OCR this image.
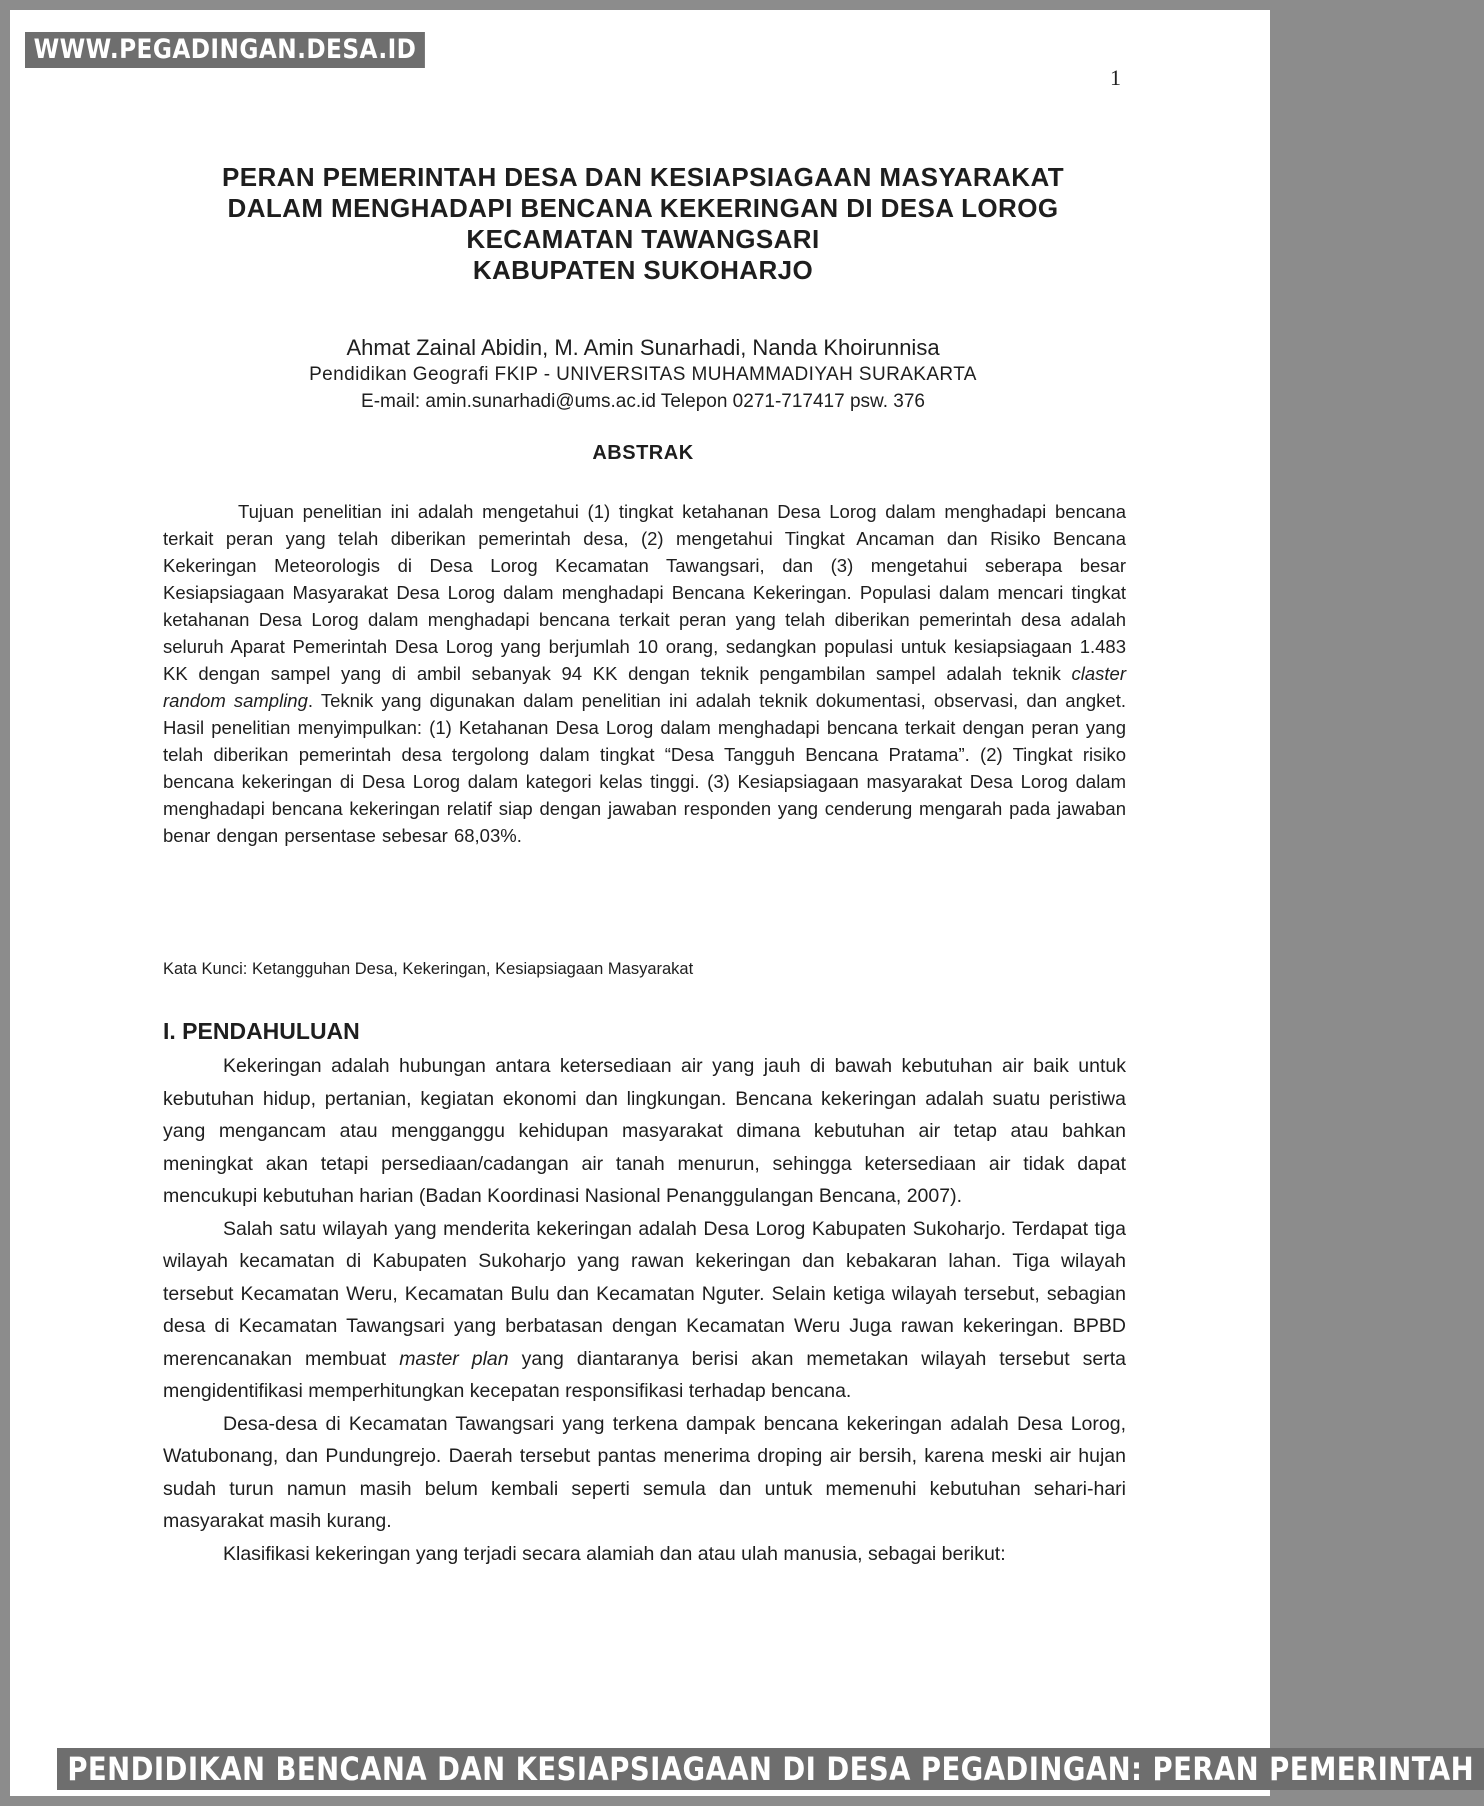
WWW.PEGADINGAN.DESA.ID
1
PERAN PEMERINTAH DESA DAN KESIAPSIAGAAN MASYARAKAT
DALAM MENGHADAPI BENCANA KEKERINGAN DI DESA LOROG
KECAMATAN TAWANGSARI
KABUPATEN SUKOHARJO
Ahmat Zainal Abidin, M. Amin Sunarhadi, Nanda Khoirunnisa
Pendidikan Geografi FKIP - UNIVERSITAS MUHAMMADIYAH SURAKARTA
E-mail: amin.sunarhadi@ums.ac.id Telepon 0271-717417 psw. 376
ABSTRAK
Tujuan penelitian ini adalah mengetahui (1) tingkat ketahanan Desa Lorog dalam menghadapi bencana terkait peran yang telah diberikan pemerintah desa, (2) mengetahui Tingkat Ancaman dan Risiko Bencana Kekeringan Meteorologis di Desa Lorog Kecamatan Tawangsari, dan (3) mengetahui seberapa besar Kesiapsiagaan Masyarakat Desa Lorog dalam menghadapi Bencana Kekeringan. Populasi dalam mencari tingkat ketahanan Desa Lorog dalam menghadapi bencana terkait peran yang telah diberikan pemerintah desa adalah seluruh Aparat Pemerintah Desa Lorog yang berjumlah 10 orang, sedangkan populasi untuk kesiapsiagaan 1.483 KK dengan sampel yang di ambil sebanyak 94 KK dengan teknik pengambilan sampel adalah teknik claster random sampling. Teknik yang digunakan dalam penelitian ini adalah teknik dokumentasi, observasi, dan angket. Hasil penelitian menyimpulkan: (1) Ketahanan Desa Lorog dalam menghadapi bencana terkait dengan peran yang telah diberikan pemerintah desa tergolong dalam tingkat “Desa Tangguh Bencana Pratama”. (2) Tingkat risiko bencana kekeringan di Desa Lorog dalam kategori kelas tinggi. (3) Kesiapsiagaan masyarakat Desa Lorog dalam menghadapi bencana kekeringan relatif siap dengan jawaban responden yang cenderung mengarah pada jawaban benar dengan persentase sebesar 68,03%.
Kata Kunci: Ketangguhan Desa, Kekeringan, Kesiapsiagaan Masyarakat
I. PENDAHULUAN

Kekeringan adalah hubungan antara ketersediaan air yang jauh di bawah kebutuhan air baik untuk kebutuhan hidup, pertanian, kegiatan ekonomi dan lingkungan. Bencana kekeringan adalah suatu peristiwa yang mengancam atau mengganggu kehidupan masyarakat dimana kebutuhan air tetap atau bahkan meningkat akan tetapi persediaan/cadangan air tanah menurun, sehingga ketersediaan air tidak dapat mencukupi kebutuhan harian (Badan Koordinasi Nasional Penanggulangan Bencana, 2007).

Salah satu wilayah yang menderita kekeringan adalah Desa Lorog Kabupaten Sukoharjo. Terdapat tiga wilayah kecamatan di Kabupaten Sukoharjo yang rawan kekeringan dan kebakaran lahan. Tiga wilayah tersebut Kecamatan Weru, Kecamatan Bulu dan Kecamatan Nguter. Selain ketiga wilayah tersebut, sebagian desa di Kecamatan Tawangsari yang berbatasan dengan Kecamatan Weru Juga rawan kekeringan. BPBD merencanakan membuat master plan yang diantaranya berisi akan memetakan wilayah tersebut serta mengidentifikasi memperhitungkan kecepatan responsifikasi terhadap bencana.

Desa-desa di Kecamatan Tawangsari yang terkena dampak bencana kekeringan adalah Desa Lorog, Watubonang, dan Pundungrejo. Daerah tersebut pantas menerima droping air bersih, karena meski air hujan sudah turun namun masih belum kembali seperti semula dan untuk memenuhi kebutuhan sehari-hari masyarakat masih kurang.

Klasifikasi kekeringan yang terjadi secara alamiah dan atau ulah manusia, sebagai berikut:

PENDIDIKAN BENCANA DAN KESIAPSIAGAAN DI DESA PEGADINGAN: PERAN PEMERINTAH
